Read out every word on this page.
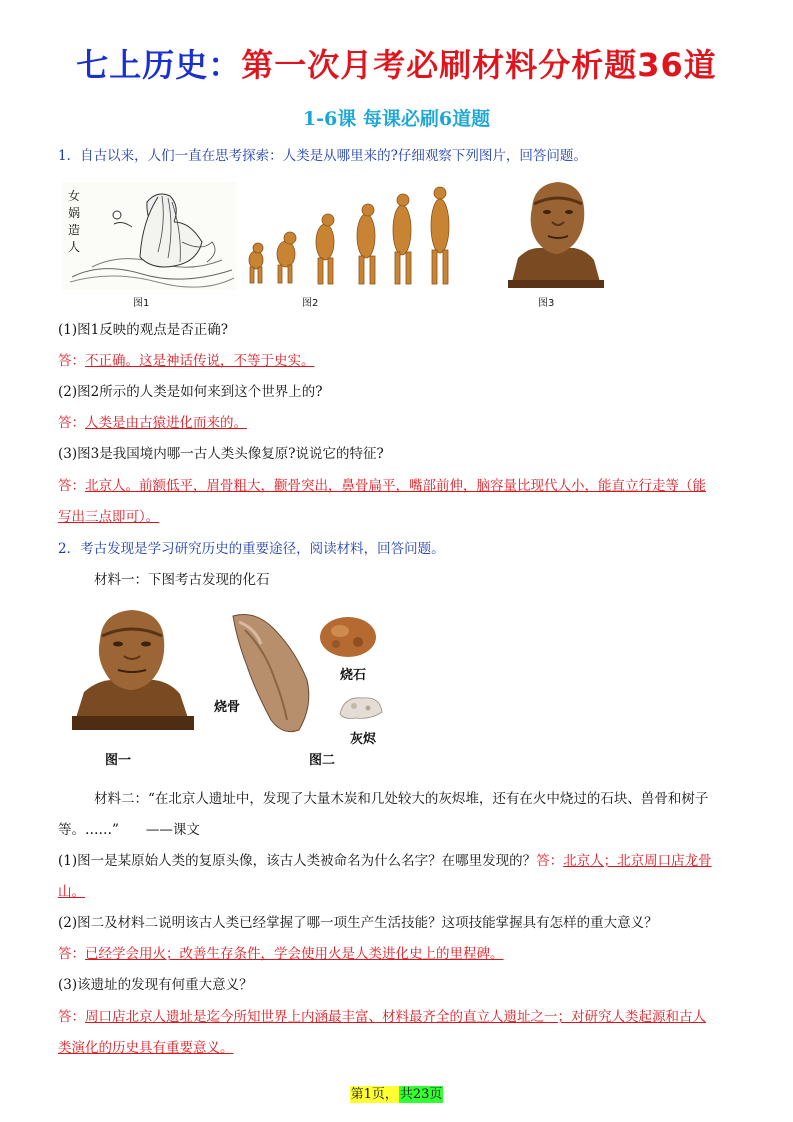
七上历史：第一次月考必刷材料分析题36道
1-6课 每课必刷6道题
1．自古以来，人们一直在思考探索：人类是从哪里来的?仔细观察下列图片，回答问题。
女娲造人
图1	图2	图3
(1)图1反映的观点是否正确?
答：不正确。这是神话传说，不等于史实。
(2)图2所示的人类是如何来到这个世界上的?
答：人类是由古猿进化而来的。
(3)图3是我国境内哪一古人类头像复原?说说它的特征?
答：北京人。前额低平，眉骨粗大，颧骨突出，鼻骨扁平，嘴部前伸，脑容量比现代人小，能直立行走等（能
写出三点即可）。
2．考古发现是学习研究历史的重要途径，阅读材料，回答问题。
材料一：下图考古发现的化石
烧石
烧骨
灰烬
图一	图二
材料二：“在北京人遗址中，发现了大量木炭和几处较大的灰烬堆，还有在火中烧过的石块、兽骨和树子
等。……”　　——课文
(1)图一是某原始人类的复原头像，该古人类被命名为什么名字？在哪里发现的？答：北京人；北京周口店龙骨
山。
(2)图二及材料二说明该古人类已经掌握了哪一项生产生活技能？这项技能掌握具有怎样的重大意义？
答：已经学会用火；改善生存条件，学会使用火是人类进化史上的里程碑。
(3)该遗址的发现有何重大意义？
答：周口店北京人遗址是迄今所知世界上内涵最丰富、材料最齐全的直立人遗址之一；对研究人类起源和古人
类演化的历史具有重要意义。
第1页， 共23页
